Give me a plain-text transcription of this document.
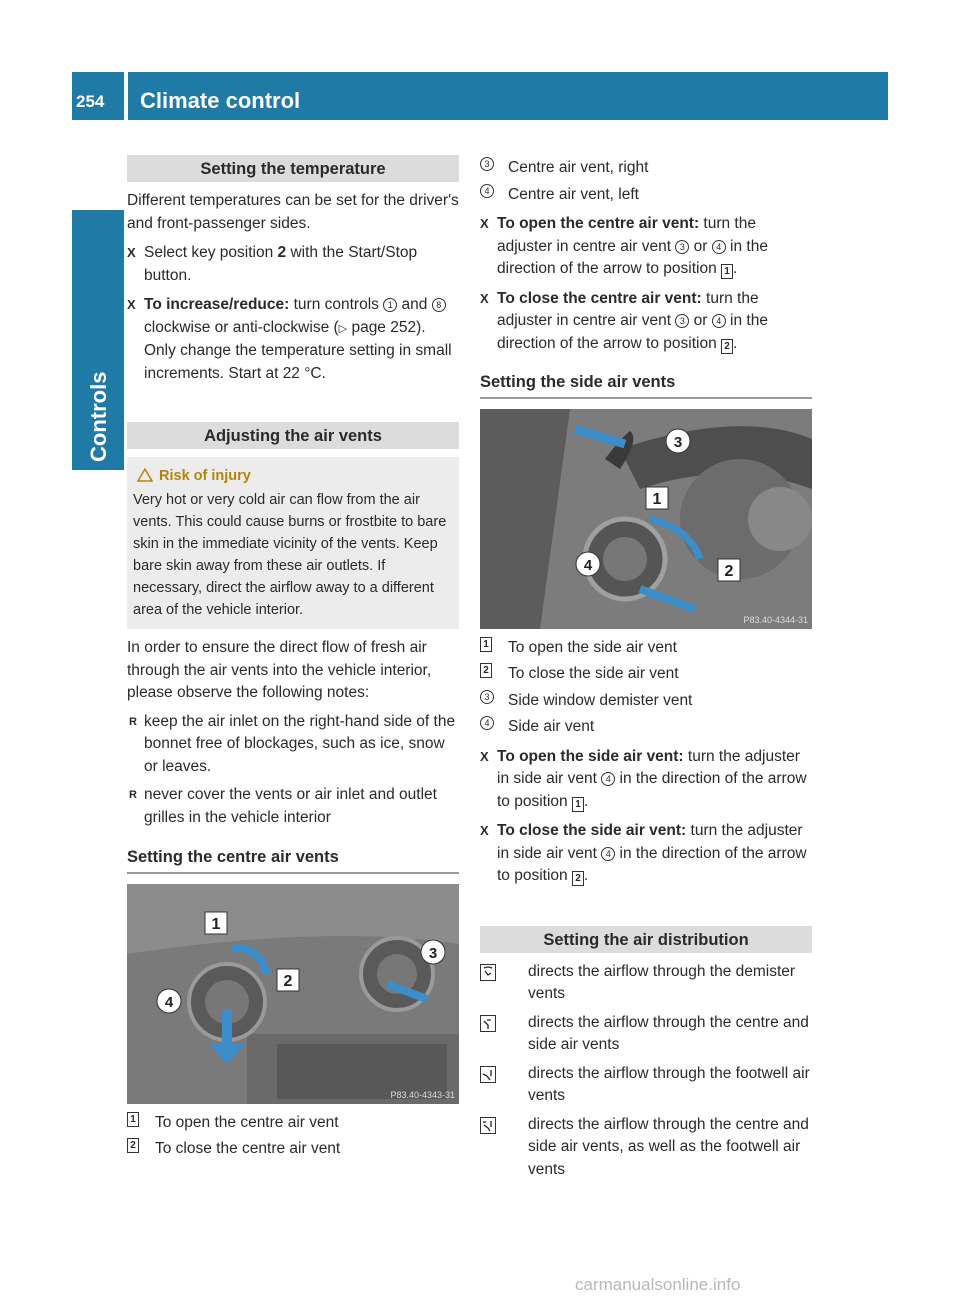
254 Climate control
Controls
Setting the temperature

Different temperatures can be set for the driver's and front-passenger sides.

X Select key position 2 with the Start/Stop button.
X To increase/reduce: turn controls 1 and 8 clockwise or anti-clockwise (▷ page 252). Only change the temperature setting in small increments. Start at 22 °C.
Adjusting the air vents
Risk of injury
Very hot or very cold air can flow from the air vents. This could cause burns or frostbite to bare skin in the immediate vicinity of the vents. Keep bare skin away from these air outlets. If necessary, direct the airflow away to a different area of the vehicle interior.

In order to ensure the direct flow of fresh air through the air vents into the vehicle interior, please observe the following notes:

R keep the air inlet on the right-hand side of the bonnet free of blockages, such as ice, snow or leaves.
R never cover the vents or air inlet and outlet grilles in the vehicle interior
Setting the centre air vents
1
2
3
4
P83.40-4343-31
1 To open the centre air vent
2 To close the centre air vent
3 Centre air vent, right
4 Centre air vent, left
X To open the centre air vent: turn the adjuster in centre air vent 3 or 4 in the direction of the arrow to position 1 .
X To close the centre air vent: turn the adjuster in centre air vent 3 or 4 in the direction of the arrow to position 2 .
Setting the side air vents
1
2
3
4
P83.40-4344-31
1 To open the side air vent
2 To close the side air vent
3 Side window demister vent
4 Side air vent
X To open the side air vent: turn the adjuster in side air vent 4 in the direction of the arrow to position 1 .
X To close the side air vent: turn the adjuster in side air vent 4 in the direction of the arrow to position 2 .
Setting the air distribution
directs the airflow through the demister vents
directs the airflow through the centre and side air vents
directs the airflow through the footwell air vents
directs the airflow through the centre and side air vents, as well as the footwell air vents
carmanualsonline.info
